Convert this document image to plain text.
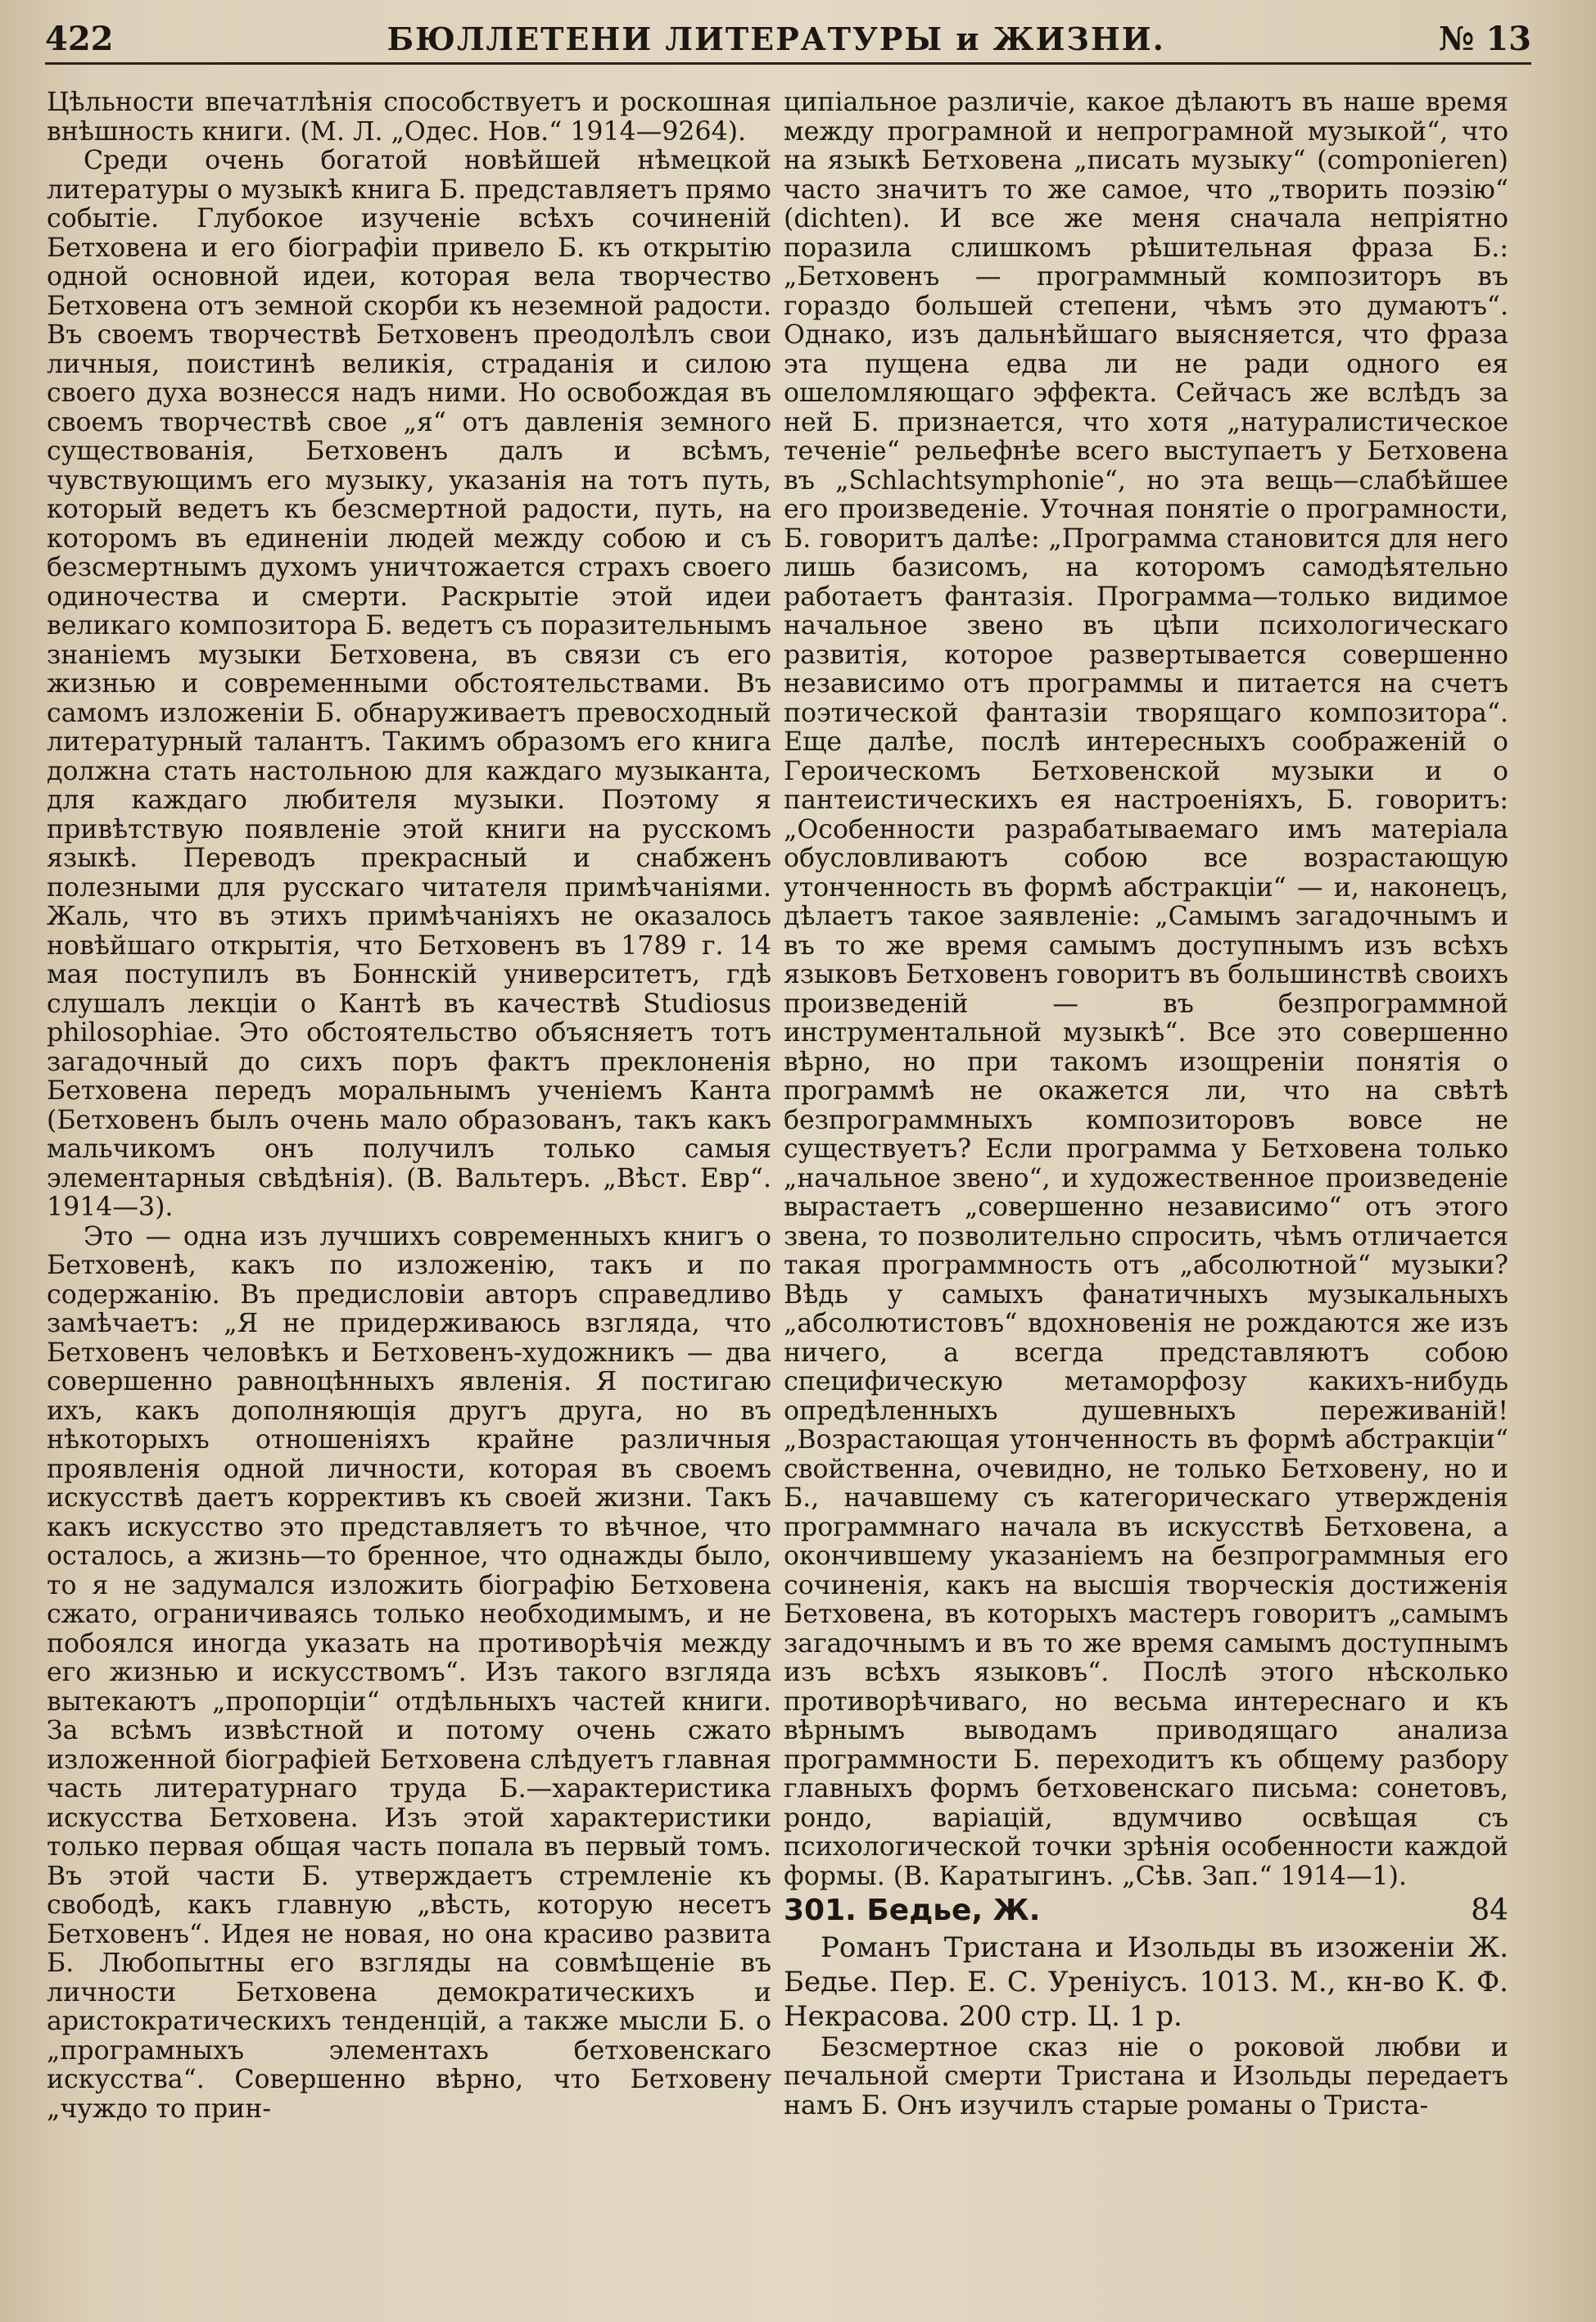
422	БЮЛЛЕТЕНИ ЛИТЕРАТУРЫ и ЖИЗНИ.	№ 13

Цѣльности впечатлѣнія способствуетъ и роскошная внѣшность книги. (М. Л. „Одес. Нов.“ 1914—9264).

Среди очень богатой новѣйшей нѣмецкой литературы о музыкѣ книга Б. представляетъ прямо событіе. Глубокое изученіе всѣхъ сочиненій Бетховена и его біографіи привело Б. къ открытію одной основной идеи, которая вела творчество Бетховена отъ земной скорби къ неземной радости. Въ своемъ творчествѣ Бетховенъ преодолѣлъ свои личныя, поистинѣ великія, страданія и силою своего духа вознесся надъ ними. Но освобождая въ своемъ творчествѣ свое „я“ отъ давленія земного существованія, Бетховенъ далъ и всѣмъ, чувствующимъ его музыку, указанія на тотъ путь, который ведетъ къ безсмертной радости, путь, на которомъ въ единеніи людей между собою и съ безсмертнымъ духомъ уничтожается страхъ своего одиночества и смерти. Раскрытіе этой идеи великаго композитора Б. ведетъ съ поразительнымъ знаніемъ музыки Бетховена, въ связи съ его жизнью и современными обстоятельствами. Въ самомъ изложеніи Б. обнаруживаетъ превосходный литературный талантъ. Такимъ образомъ его книга должна стать настольною для каждаго музыканта, для каждаго любителя музыки. Поэтому я привѣтствую появленіе этой книги на русскомъ языкѣ. Переводъ прекрасный и снабженъ полезными для русскаго читателя примѣчаніями. Жаль, что въ этихъ примѣчаніяхъ не оказалось новѣйшаго открытія, что Бетховенъ въ 1789 г. 14 мая поступилъ въ Боннскій университетъ, гдѣ слушалъ лекціи о Кантѣ въ качествѣ Studiosus philosophiae. Это обстоятельство объясняетъ тотъ загадочный до сихъ поръ фактъ преклоненія Бетховена передъ моральнымъ ученіемъ Канта (Бетховенъ былъ очень мало образованъ, такъ какъ мальчикомъ онъ получилъ только самыя элементарныя свѣдѣнія). (В. Вальтеръ. „Вѣст. Евр“. 1914—3).

Это — одна изъ лучшихъ современныхъ книгъ о Бетховенѣ, какъ по изложенію, такъ и по содержанію. Въ предисловіи авторъ справедливо замѣчаетъ: „Я не придерживаюсь взгляда, что Бетховенъ человѣкъ и Бетховенъ-художникъ — два совершенно равноцѣнныхъ явленія. Я постигаю ихъ, какъ дополняющія другъ друга, но въ нѣкоторыхъ отношеніяхъ крайне различныя проявленія одной личности, которая въ своемъ искусствѣ даетъ коррективъ къ своей жизни. Такъ какъ искусство это представляетъ то вѣчное, что осталось, а жизнь—то бренное, что однажды было, то я не задумался изложить біографію Бетховена сжато, ограничиваясь только необходимымъ, и не побоялся иногда указать на противорѣчія между его жизнью и искусствомъ“. Изъ такого взгляда вытекаютъ „пропорціи“ отдѣльныхъ частей книги. За всѣмъ извѣстной и потому очень сжато изложенной біографіей Бетховена слѣдуетъ главная часть литературнаго труда Б.—характеристика искусства Бетховена. Изъ этой характеристики только первая общая часть попала въ первый томъ. Въ этой части Б. утверждаетъ стремленіе къ свободѣ, какъ главную „вѣсть, которую несетъ Бетховенъ“. Идея не новая, но она красиво развита Б. Любопытны его взгляды на совмѣщеніе въ личности Бетховена демократическихъ и аристократическихъ тенденцій, а также мысли Б. о „програмныхъ элементахъ бетховенскаго искусства“. Совершенно вѣрно, что Бетховену „чуждо то прин-

ципіальное различіе, какое дѣлаютъ въ наше время между програмной и непрограмной музыкой“, что на языкѣ Бетховена „писать музыку“ (componieren) часто значитъ то же самое, что „творить поэзію“ (dichten). И все же меня сначала непріятно поразила слишкомъ рѣшительная фраза Б.: „Бетховенъ — программный композиторъ въ гораздо большей степени, чѣмъ это думаютъ“. Однако, изъ дальнѣйшаго выясняется, что фраза эта пущена едва ли не ради одного ея ошеломляющаго эффекта. Сейчасъ же вслѣдъ за ней Б. признается, что хотя „натуралистическое теченіе“ рельефнѣе всего выступаетъ у Бетховена въ „Schlachtsymphonie“, но эта вещь—слабѣйшее его произведеніе. Уточная понятіе о програмности, Б. говоритъ далѣе: „Программа становится для него лишь базисомъ, на которомъ самодѣятельно работаетъ фантазія. Программа—только видимое начальное звено въ цѣпи психологическаго развитія, которое развертывается совершенно независимо отъ программы и питается на счетъ поэтической фантазіи творящаго композитора“. Еще далѣе, послѣ интересныхъ соображеній о Героическомъ Бетховенской музыки и о пантеистическихъ ея настроеніяхъ, Б. говоритъ: „Особенности разрабатываемаго имъ матеріала обусловливаютъ собою все возрастающую утонченность въ формѣ абстракціи“ — и, наконецъ, дѣлаетъ такое заявленіе: „Самымъ загадочнымъ и въ то же время самымъ доступнымъ изъ всѣхъ языковъ Бетховенъ говоритъ въ большинствѣ своихъ произведеній — въ безпрограммной инструментальной музыкѣ“. Все это совершенно вѣрно, но при такомъ изощреніи понятія о программѣ не окажется ли, что на свѣтѣ безпрограммныхъ композиторовъ вовсе не существуетъ? Если программа у Бетховена только „начальное звено“, и художественное произведеніе вырастаетъ „совершенно независимо“ отъ этого звена, то позволительно спросить, чѣмъ отличается такая программность отъ „абсолютной“ музыки? Вѣдь у самыхъ фанатичныхъ музыкальныхъ „абсолютистовъ“ вдохновенія не рождаются же изъ ничего, а всегда представляютъ собою специфическую метаморфозу какихъ-нибудь опредѣленныхъ душевныхъ переживаній! „Возрастающая утонченность въ формѣ абстракціи“ свойственна, очевидно, не только Бетховену, но и Б., начавшему съ категорическаго утвержденія программнаго начала въ искусствѣ Бетховена, а окончившему указаніемъ на безпрограммныя его сочиненія, какъ на высшія творческія достиженія Бетховена, въ которыхъ мастеръ говоритъ „самымъ загадочнымъ и въ то же время самымъ доступнымъ изъ всѣхъ языковъ“. Послѣ этого нѣсколько противорѣчиваго, но весьма интереснаго и къ вѣрнымъ выводамъ приводящаго анализа программности Б. переходитъ къ общему разбору главныхъ формъ бетховенскаго письма: сонетовъ, рондо, варіацій, вдумчиво освѣщая съ психологической точки зрѣнія особенности каждой формы. (В. Каратыгинъ. „Сѣв. Зап.“ 1914—1).

301. Бедье, Ж.	84

Романъ Тристана и Изольды въ изоженіи Ж. Бедье. Пер. Е. С. Уреніусъ. 1013. М., кн-во К. Ф. Некрасова. 200 стр. Ц. 1 р.

Безсмертное сказ ніе о роковой любви и печальной смерти Тристана и Изольды передаетъ намъ Б. Онъ изучилъ старые романы о Триста-
